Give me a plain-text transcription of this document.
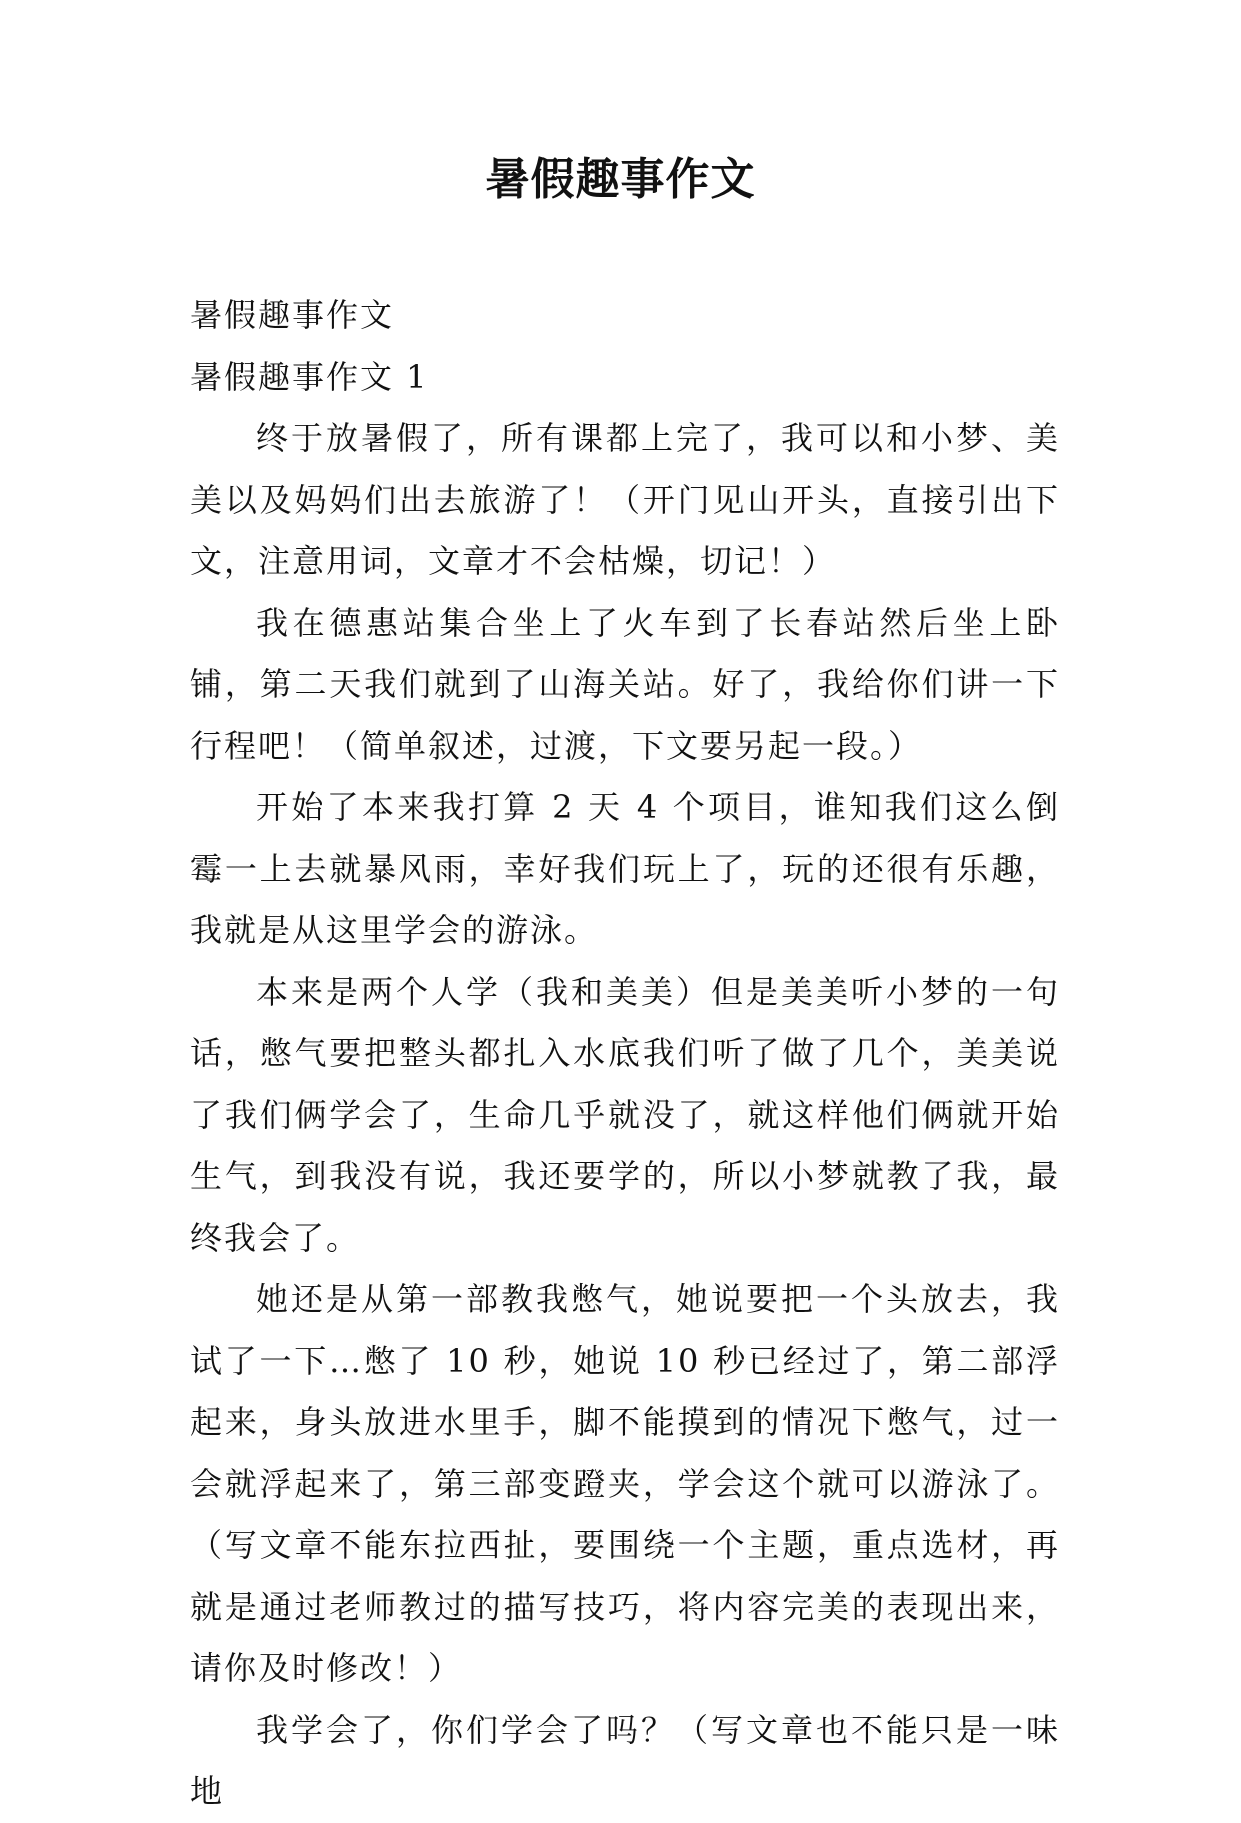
暑假趣事作文

暑假趣事作文

暑假趣事作文 1

终于放暑假了，所有课都上完了，我可以和小梦、美美以及妈妈们出去旅游了！（开门见山开头，直接引出下文，注意用词，文章才不会枯燥，切记！）

我在德惠站集合坐上了火车到了长春站然后坐上卧铺，第二天我们就到了山海关站。好了，我给你们讲一下行程吧！（简单叙述，过渡，下文要另起一段。）

开始了本来我打算 2 天 4 个项目，谁知我们这么倒霉一上去就暴风雨，幸好我们玩上了，玩的还很有乐趣，我就是从这里学会的游泳。

本来是两个人学（我和美美）但是美美听小梦的一句话，憋气要把整头都扎入水底我们听了做了几个，美美说了我们俩学会了，生命几乎就没了，就这样他们俩就开始生气，到我没有说，我还要学的，所以小梦就教了我，最终我会了。

她还是从第一部教我憋气，她说要把一个头放去，我试了一下…憋了 10 秒，她说 10 秒已经过了，第二部浮起来，身头放进水里手，脚不能摸到的情况下憋气，过一会就浮起来了，第三部变蹬夹，学会这个就可以游泳了。（写文章不能东拉西扯，要围绕一个主题，重点选材，再就是通过老师教过的描写技巧，将内容完美的表现出来，请你及时修改！）

我学会了，你们学会了吗？（写文章也不能只是一味地
